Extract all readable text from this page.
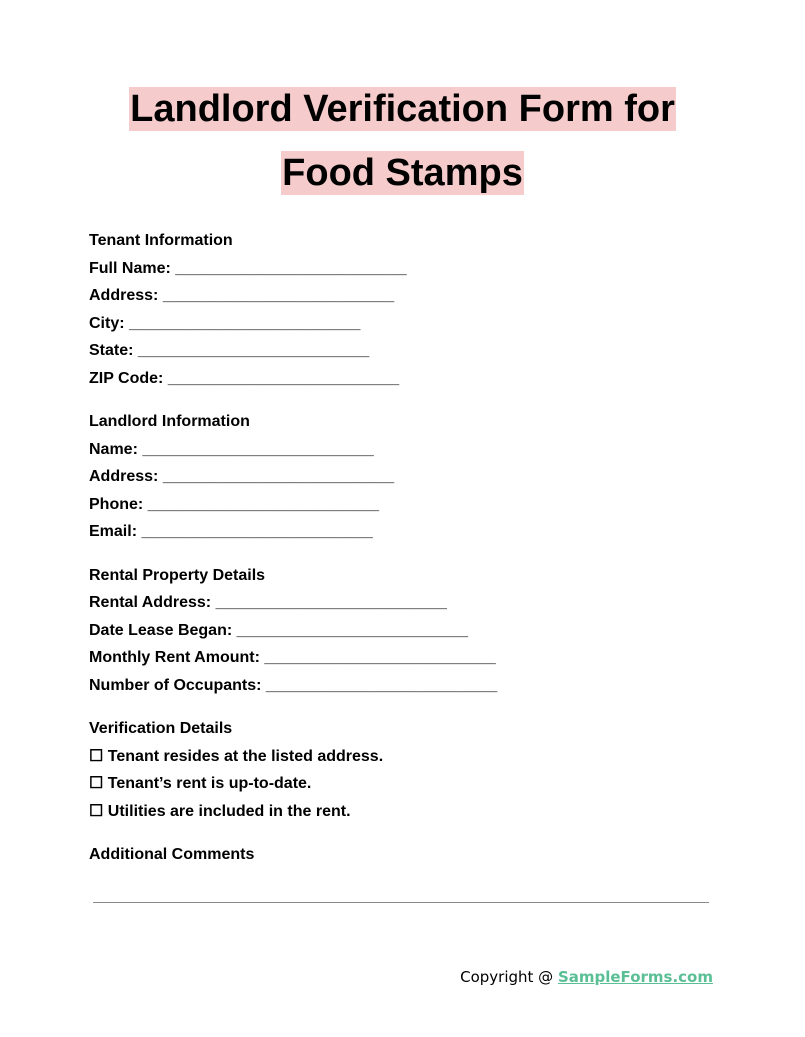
Landlord Verification Form for
Food Stamps
Tenant Information
Full Name: __________________________
Address: __________________________
City: __________________________
State: __________________________
ZIP Code: __________________________
Landlord Information
Name: __________________________
Address: __________________________
Phone: __________________________
Email: __________________________
Rental Property Details
Rental Address: __________________________
Date Lease Began: __________________________
Monthly Rent Amount: __________________________
Number of Occupants: __________________________
Verification Details
☐ Tenant resides at the listed address.
☐ Tenant’s rent is up-to-date.
☐ Utilities are included in the rent.
Additional Comments
Copyright @ SampleForms.com
